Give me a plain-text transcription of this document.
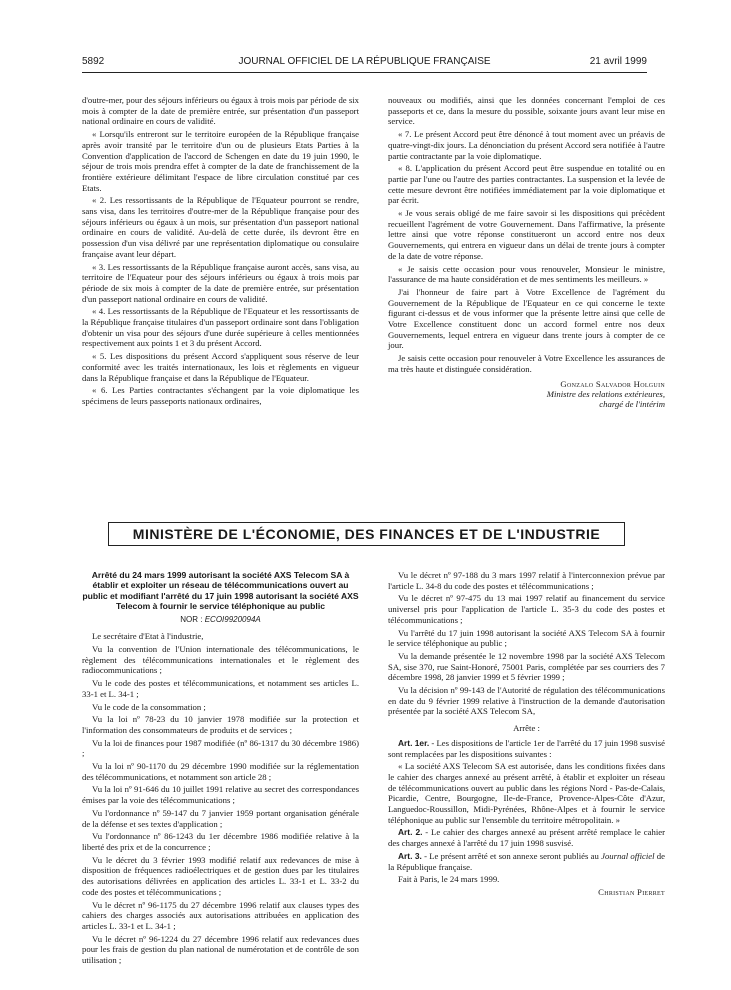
5892	JOURNAL OFFICIEL DE LA RÉPUBLIQUE FRANÇAISE	21 avril 1999

d'outre-mer, pour des séjours inférieurs ou égaux à trois mois par période de six mois à compter de la date de première entrée, sur présentation d'un passeport national ordinaire en cours de validité.

« Lorsqu'ils entreront sur le territoire européen de la République française après avoir transité par le territoire d'un ou de plusieurs Etats Parties à la Convention d'application de l'accord de Schengen en date du 19 juin 1990, le séjour de trois mois prendra effet à compter de la date de franchissement de la frontière extérieure délimitant l'espace de libre circulation constitué par ces Etats.

« 2. Les ressortissants de la République de l'Equateur pourront se rendre, sans visa, dans les territoires d'outre-mer de la République française pour des séjours inférieurs ou égaux à un mois, sur présentation d'un passeport national ordinaire en cours de validité. Au-delà de cette durée, ils devront être en possession d'un visa délivré par une représentation diplomatique ou consulaire française avant leur départ.

« 3. Les ressortissants de la République française auront accès, sans visa, au territoire de l'Equateur pour des séjours inférieurs ou égaux à trois mois par période de six mois à compter de la date de première entrée, sur présentation d'un passeport national ordinaire en cours de validité.

« 4. Les ressortissants de la République de l'Equateur et les ressortissants de la République française titulaires d'un passeport ordinaire sont dans l'obligation d'obtenir un visa pour des séjours d'une durée supérieure à celles mentionnées respectivement aux points 1 et 3 du présent Accord.

« 5. Les dispositions du présent Accord s'appliquent sous réserve de leur conformité avec les traités internationaux, les lois et règlements en vigueur dans la République française et dans la République de l'Equateur.

« 6. Les Parties contractantes s'échangent par la voie diplomatique les spécimens de leurs passeports nationaux ordinaires,

nouveaux ou modifiés, ainsi que les données concernant l'emploi de ces passeports et ce, dans la mesure du possible, soixante jours avant leur mise en service.

« 7. Le présent Accord peut être dénoncé à tout moment avec un préavis de quatre-vingt-dix jours. La dénonciation du présent Accord sera notifiée à l'autre partie contractante par la voie diplomatique.

« 8. L'application du présent Accord peut être suspendue en totalité ou en partie par l'une ou l'autre des parties contractantes. La suspension et la levée de cette mesure devront être notifiées immédiatement par la voie diplomatique et par écrit.

« Je vous serais obligé de me faire savoir si les dispositions qui précèdent recueillent l'agrément de votre Gouvernement. Dans l'affirmative, la présente lettre ainsi que votre réponse constitueront un accord entre nos deux Gouvernements, qui entrera en vigueur dans un délai de trente jours à compter de la date de votre réponse.

« Je saisis cette occasion pour vous renouveler, Monsieur le ministre, l'assurance de ma haute considération et de mes sentiments les meilleurs. »

J'ai l'honneur de faire part à Votre Excellence de l'agrément du Gouvernement de la République de l'Equateur en ce qui concerne le texte figurant ci-dessus et de vous informer que la présente lettre ainsi que celle de Votre Excellence constituent donc un accord formel entre nos deux Gouvernements, lequel entrera en vigueur dans trente jours à compter de ce jour.

Je saisis cette occasion pour renouveler à Votre Excellence les assurances de ma très haute et distinguée considération.

Gonzalo Salvador Holguin
Ministre des relations extérieures,
chargé de l'intérim
MINISTÈRE DE L'ÉCONOMIE, DES FINANCES ET DE L'INDUSTRIE
Arrêté du 24 mars 1999 autorisant la société AXS Telecom SA à établir et exploiter un réseau de télécommunications ouvert au public et modifiant l'arrêté du 17 juin 1998 autorisant la société AXS Telecom à fournir le service téléphonique au public
NOR : ECOI9920094A

Le secrétaire d'Etat à l'industrie,

Vu la convention de l'Union internationale des télécommunications, le règlement des télécommunications internationales et le règlement des radiocommunications ;

Vu le code des postes et télécommunications, et notamment ses articles L. 33-1 et L. 34-1 ;

Vu le code de la consommation ;

Vu la loi nº 78-23 du 10 janvier 1978 modifiée sur la protection et l'information des consommateurs de produits et de services ;

Vu la loi de finances pour 1987 modifiée (nº 86-1317 du 30 décembre 1986) ;

Vu la loi nº 90-1170 du 29 décembre 1990 modifiée sur la réglementation des télécommunications, et notamment son article 28 ;

Vu la loi nº 91-646 du 10 juillet 1991 relative au secret des correspondances émises par la voie des télécommunications ;

Vu l'ordonnance nº 59-147 du 7 janvier 1959 portant organisation générale de la défense et ses textes d'application ;

Vu l'ordonnance nº 86-1243 du 1er décembre 1986 modifiée relative à la liberté des prix et de la concurrence ;

Vu le décret du 3 février 1993 modifié relatif aux redevances de mise à disposition de fréquences radioélectriques et de gestion dues par les titulaires des autorisations délivrées en application des articles L. 33-1 et L. 33-2 du code des postes et télécommunications ;

Vu le décret nº 96-1175 du 27 décembre 1996 relatif aux clauses types des cahiers des charges associés aux autorisations attribuées en application des articles L. 33-1 et L. 34-1 ;

Vu le décret nº 96-1224 du 27 décembre 1996 relatif aux redevances dues pour les frais de gestion du plan national de numérotation et de contrôle de son utilisation ;

Vu le décret nº 97-188 du 3 mars 1997 relatif à l'interconnexion prévue par l'article L. 34-8 du code des postes et télécommunications ;

Vu le décret nº 97-475 du 13 mai 1997 relatif au financement du service universel pris pour l'application de l'article L. 35-3 du code des postes et télécommunications ;

Vu l'arrêté du 17 juin 1998 autorisant la société AXS Telecom SA à fournir le service téléphonique au public ;

Vu la demande présentée le 12 novembre 1998 par la société AXS Telecom SA, sise 370, rue Saint-Honoré, 75001 Paris, complétée par ses courriers des 7 décembre 1998, 28 janvier 1999 et 5 février 1999 ;

Vu la décision nº 99-143 de l'Autorité de régulation des télécommunications en date du 9 février 1999 relative à l'instruction de la demande d'autorisation présentée par la société AXS Telecom SA,

Arrête :

Art. 1er. - Les dispositions de l'article 1er de l'arrêté du 17 juin 1998 susvisé sont remplacées par les dispositions suivantes :

« La société AXS Telecom SA est autorisée, dans les conditions fixées dans le cahier des charges annexé au présent arrêté, à établir et exploiter un réseau de télécommunications ouvert au public dans les régions Nord - Pas-de-Calais, Picardie, Centre, Bourgogne, Ile-de-France, Provence-Alpes-Côte d'Azur, Languedoc-Roussillon, Midi-Pyrénées, Rhône-Alpes et à fournir le service téléphonique au public sur l'ensemble du territoire métropolitain. »

Art. 2. - Le cahier des charges annexé au présent arrêté remplace le cahier des charges annexé à l'arrêté du 17 juin 1998 susvisé.

Art. 3. - Le présent arrêté et son annexe seront publiés au Journal officiel de la République française.

Fait à Paris, le 24 mars 1999.

Christian Pierret
